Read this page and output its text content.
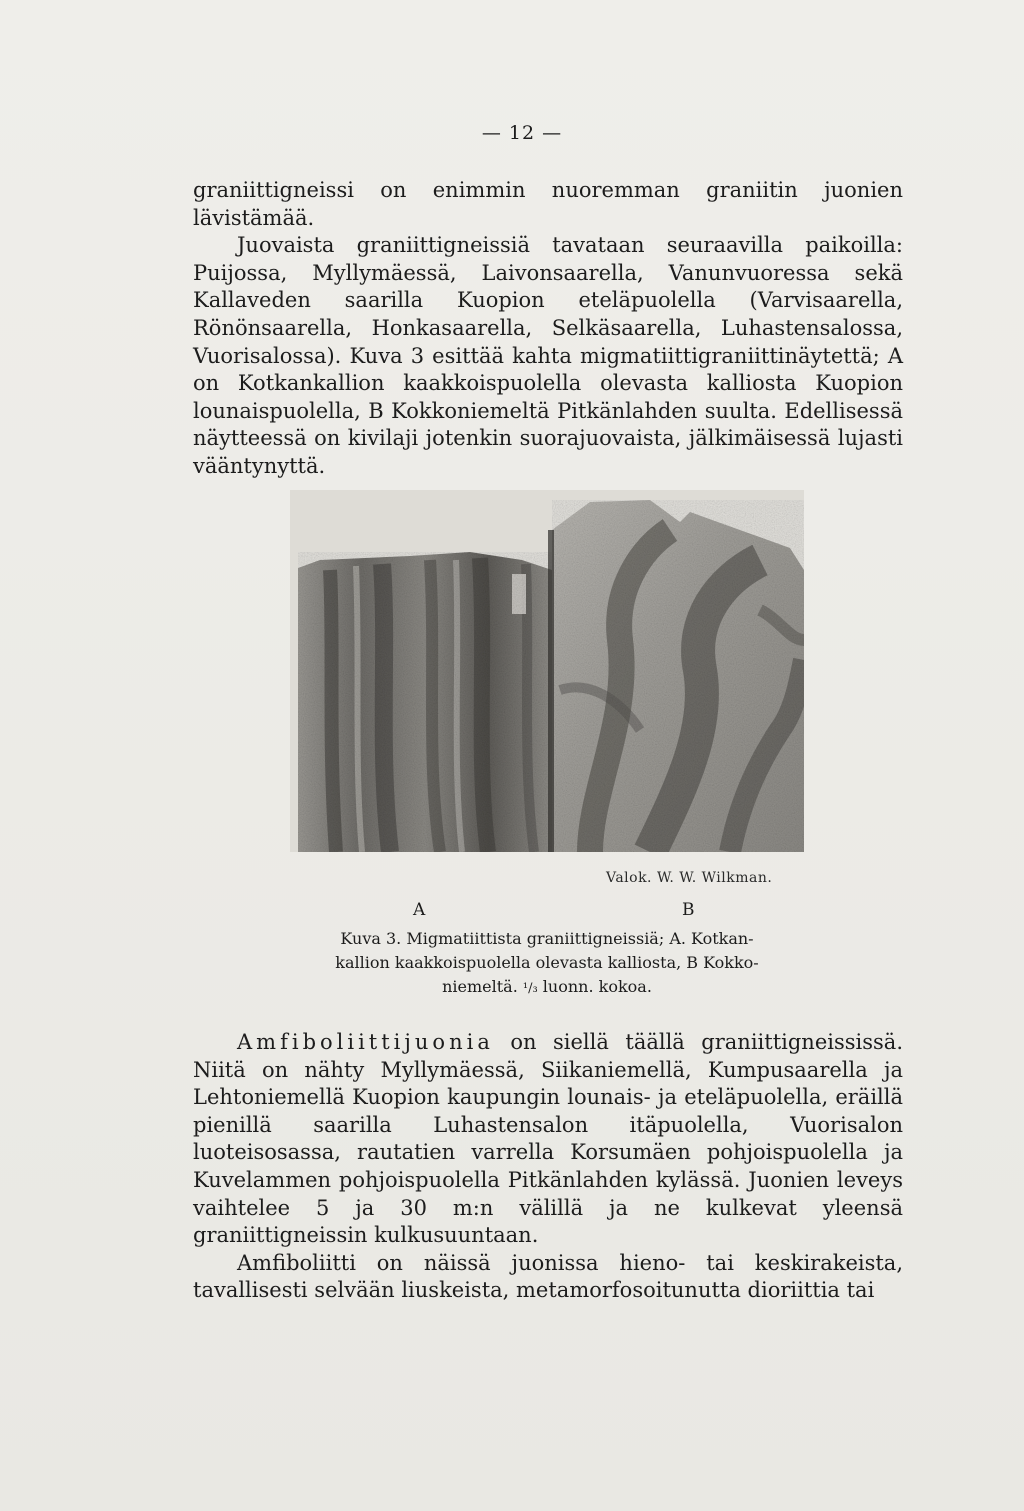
— 12 —

graniittigneissi on enimmin nuoremman graniitin juonien lävistämää.

Juovaista graniittigneissiä tavataan seuraavilla paikoilla: Puijossa, Myllymäessä, Laivonsaarella, Vanunvuoressa sekä Kallaveden saarilla Kuopion eteläpuolella (Varvisaarella, Rönönsaarella, Honkasaarella, Selkäsaarella, Luhastensalossa, Vuorisalossa). Kuva 3 esittää kahta migmatiittigraniittinäytettä; A on Kotkankallion kaakkoispuolella olevasta kalliosta Kuopion lounaispuolella, B Kokkoniemeltä Pitkänlahden suulta. Edellisessä näytteessä on kivilaji jotenkin suorajuovaista, jälkimäisessä lujasti vääntynyttä.

Valok. W. W. Wilkman.
A	B
Kuva 3. Migmatiittista graniittigneissiä; A. Kotkan-
kallion kaakkoispuolella olevasta kalliosta, B Kokko-
niemeltä. ¹/₃ luonn. kokoa.

Amfiboliittijuonia on siellä täällä graniittigneississä. Niitä on nähty Myllymäessä, Siikaniemellä, Kumpusaarella ja Lehtoniemellä Kuopion kaupungin lounais- ja eteläpuolella, eräillä pienillä saarilla Luhastensalon itäpuolella, Vuorisalon luoteisosassa, rautatien varrella Korsumäen pohjoispuolella ja Kuvelammen pohjoispuolella Pitkänlahden kylässä. Juonien leveys vaihtelee 5 ja 30 m:n välillä ja ne kulkevat yleensä graniittigneissin kulkusuuntaan.

Amfiboliitti on näissä juonissa hieno- tai keskirakeista, tavallisesti selvään liuskeista, metamorfosoitunutta dioriittia tai
